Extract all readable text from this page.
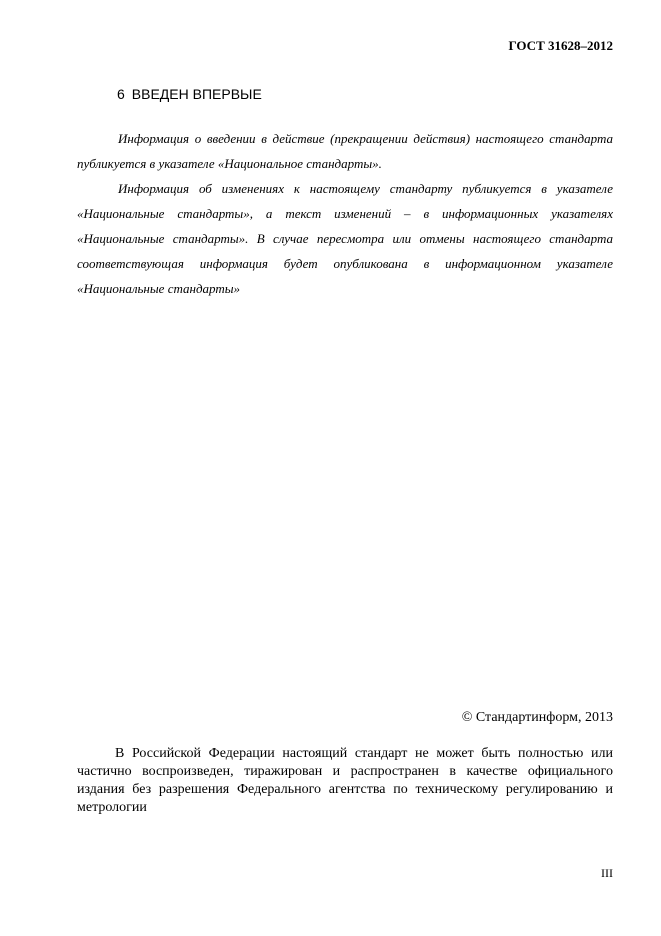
ГОСТ 31628–2012
6 ВВЕДЕН ВПЕРВЫЕ

Информация о введении в действие (прекращении действия) настоящего стандарта публикуется в указателе «Национальное стандарты».

Информация об изменениях к настоящему стандарту публикуется в указателе «Национальные стандарты», а текст изменений – в информационных указателях «Национальные стандарты». В случае пересмотра или отмены настоящего стандарта соответствующая информация будет опубликована в информационном указателе «Национальные стандарты»

© Стандартинформ, 2013

В Российской Федерации настоящий стандарт не может быть полностью или частично воспроизведен, тиражирован и распространен в качестве официального издания без разрешения Федерального агентства по техническому регулированию и метрологии

III
